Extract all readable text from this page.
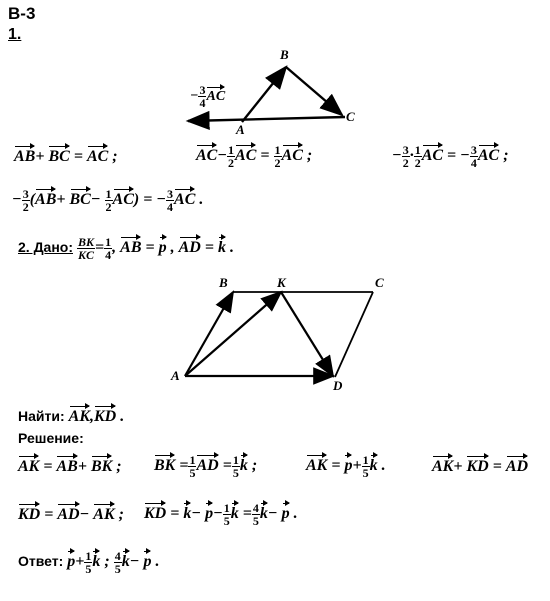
В-3
1.
B
C
A
− $\frac{3}{4}$ AC
AB+ BC = AC ;	$AC- \frac{1}{2}$ AC = $\frac{1}{2}$ AC ;	− $\frac{3}{2} \cdot \frac{1}{2}$ AC = − $\frac{3}{4}$ AC ;
− $\frac{3}{2} (AB+ BC- \frac{1}{2} AC)$ = − $\frac{3}{4}$ AC .
2. Дано: $\frac{BK}{KC} = \frac{1}{4}$ , AB = p , AD = k .
B	K	C
A
D
Найти: AK,KD .
Решение:
AK = AB+ BK ; BK = $\frac{1}{5}$ AD = $\frac{1}{5}$ k ;	AK = $p+ \frac{1}{5}$ k .	AK+ KD = AD
KD = AD− AK ; KD = $k- p- \frac{1}{5}$ $k = \frac{4}{5} k- p$ .
Ответ: $p+ \frac{1}{5}$ k ; $\frac{4}{5} k- p$ .
